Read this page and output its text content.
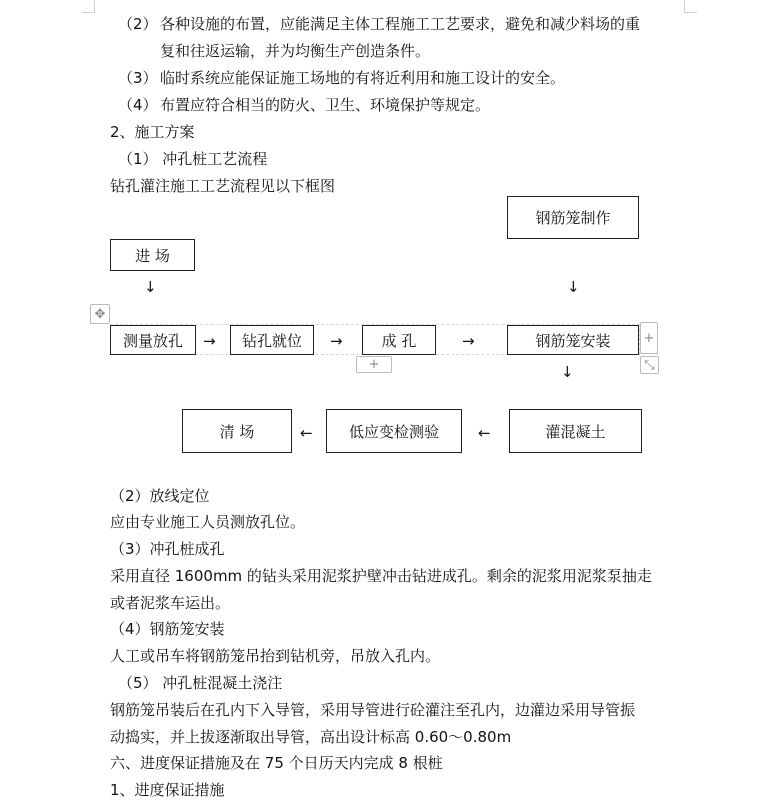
（2） 各种设施的布置，应能满足主体工程施工工艺要求，避免和减少料场的重
复和往返运输，并为均衡生产创造条件。
（3） 临时系统应能保证施工场地的有将近利用和施工设计的安全。
（4） 布置应符合相当的防火、卫生、环境保护等规定。
2、施工方案
（1） 冲孔桩工艺流程
钻孔灌注施工工艺流程见以下框图
钢筋笼制作
进 场
↓	↓
✥
测量放孔	→	钻孔就位	→	成 孔	→	钢筋笼安装	+
+	⤡
↓
清 场	←	低应变检测验	←	灌混凝土
（2）放线定位
应由专业施工人员测放孔位。
（3）冲孔桩成孔
采用直径 1600mm 的钻头采用泥浆护壁冲击钻进成孔。剩余的泥浆用泥浆泵抽走
或者泥浆车运出。
（4）钢筋笼安装
人工或吊车将钢筋笼吊抬到钻机旁，吊放入孔内。
（5） 冲孔桩混凝土浇注
钢筋笼吊装后在孔内下入导管，采用导管进行砼灌注至孔内，边灌边采用导管振
动捣实，并上拔逐渐取出导管，高出设计标高 0.60～0.80m
六、进度保证措施及在 75 个日历天内完成 8 根桩
1、进度保证措施
